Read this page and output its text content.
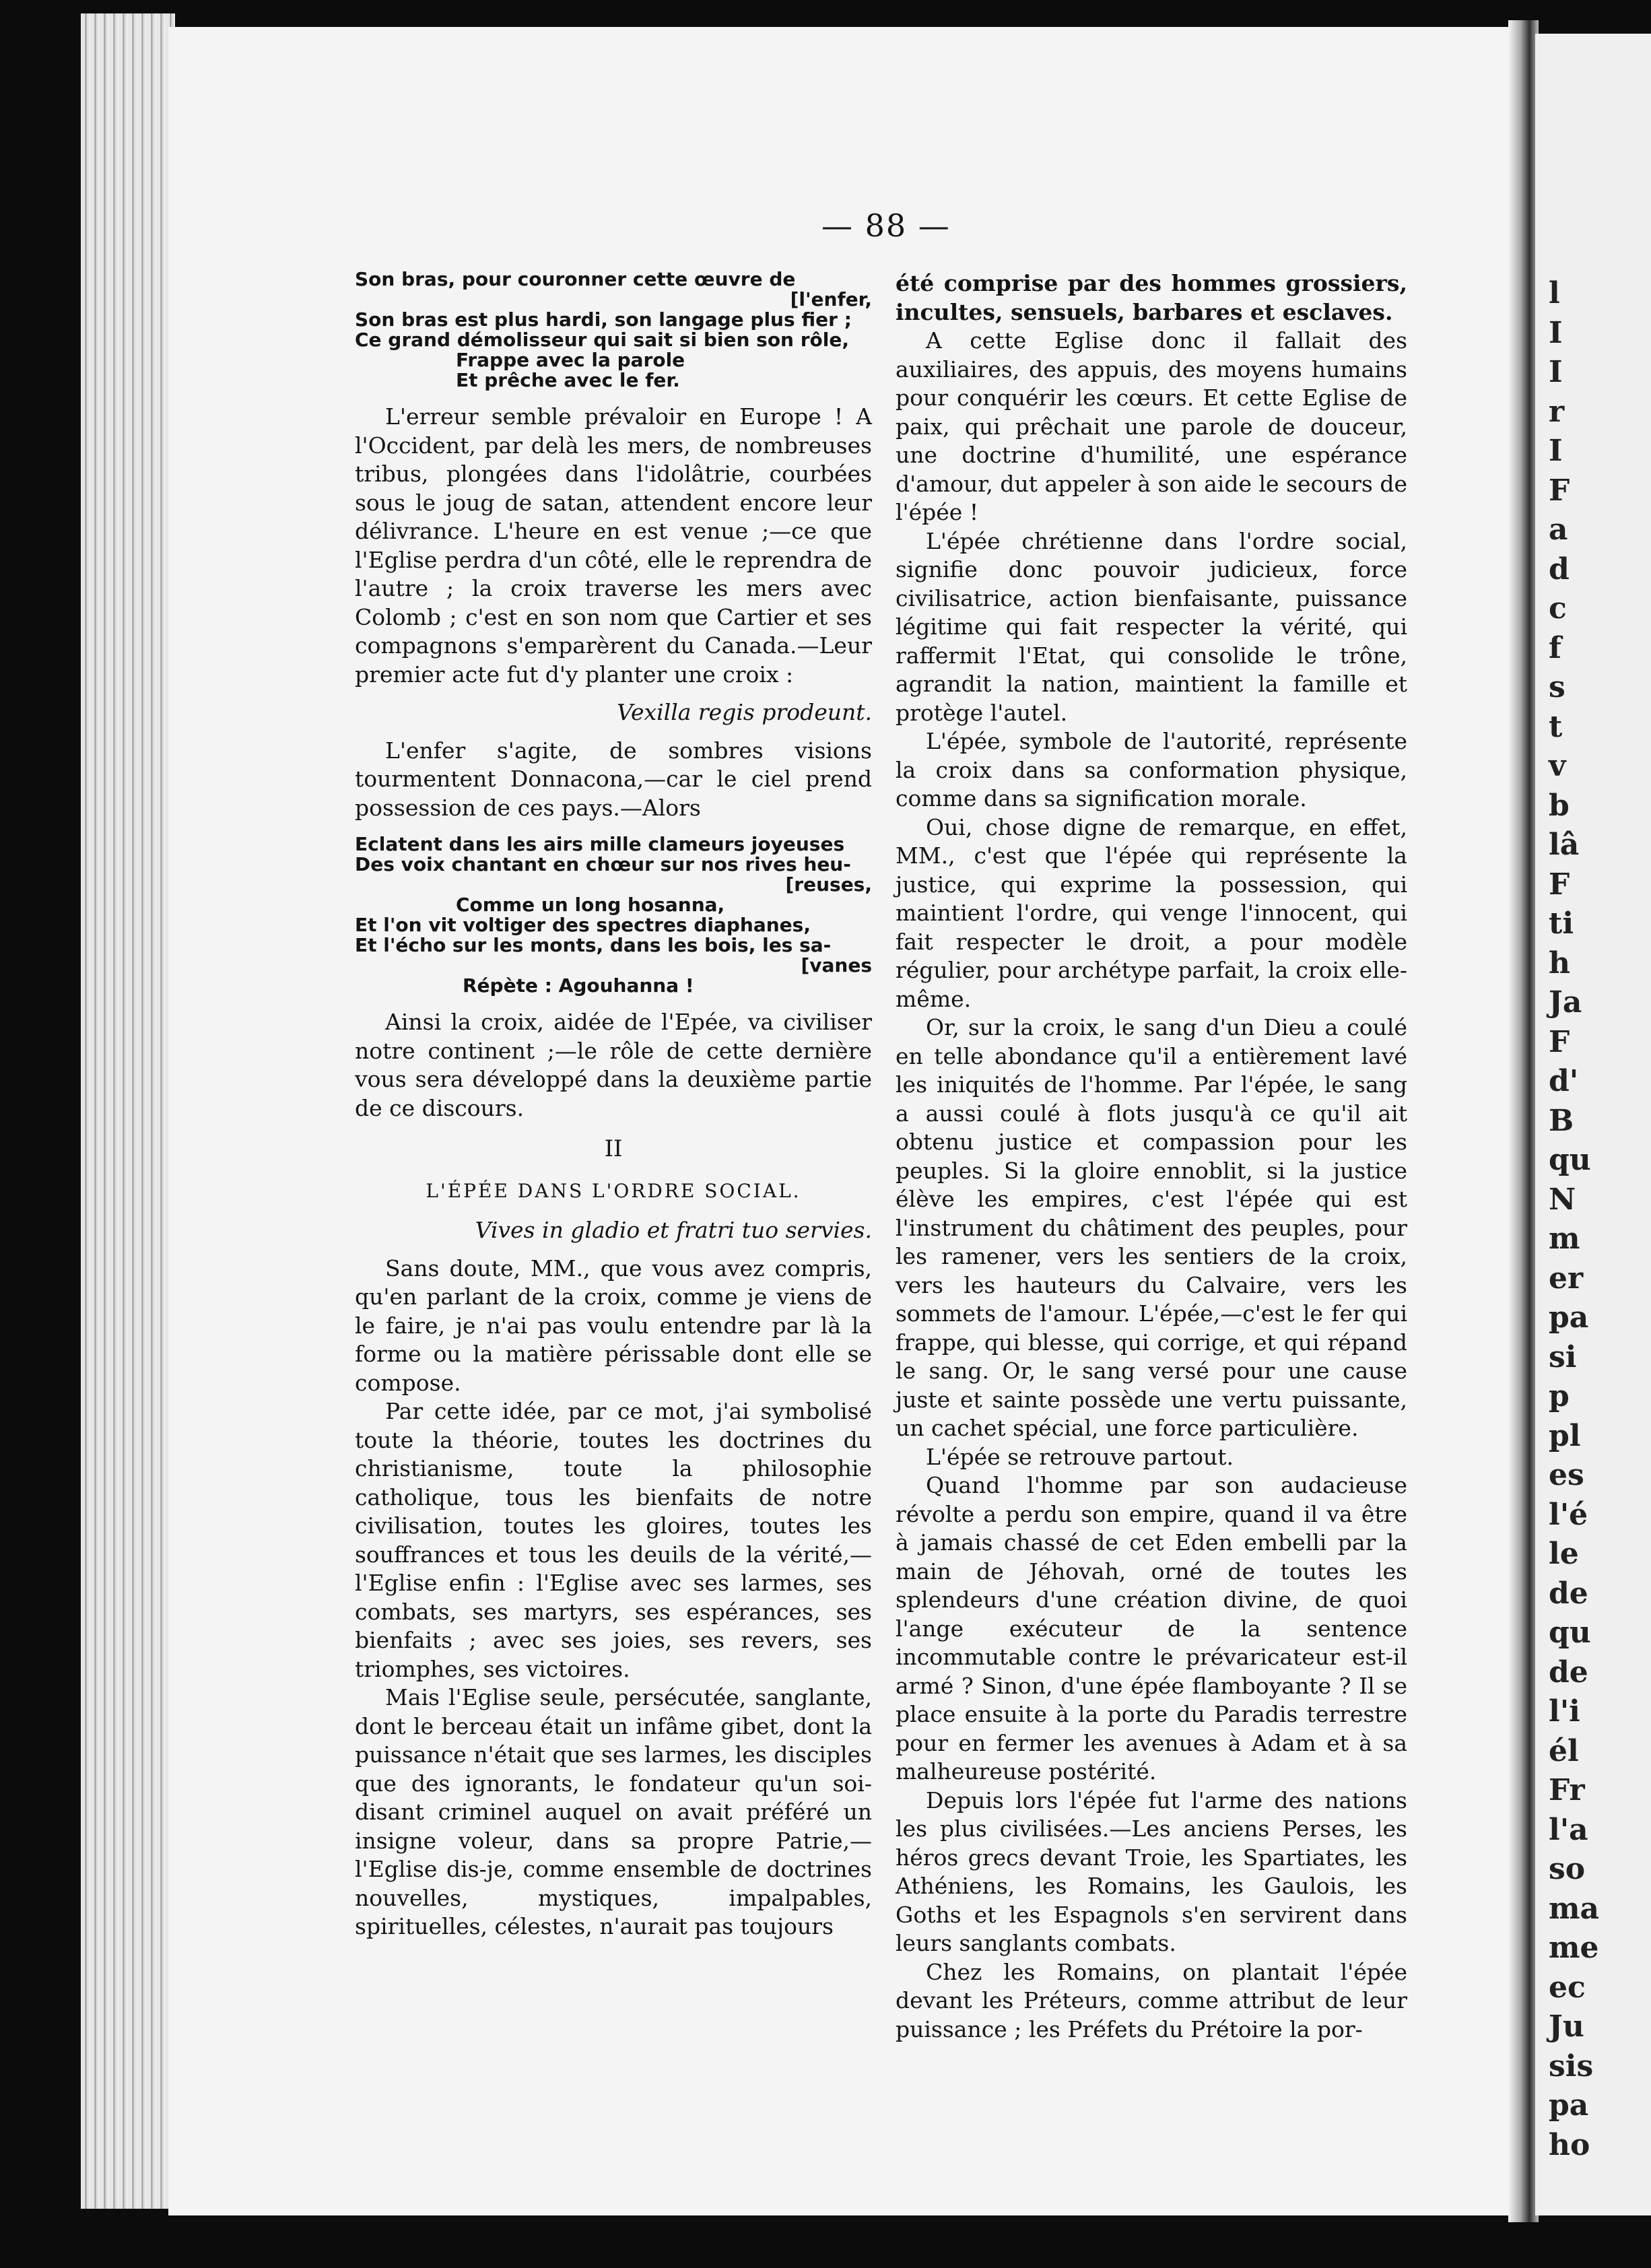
l
I
I
r
I
F
a
d
c
f
s
t
v
b
lâ
F
ti
h
Ja
F
d'
B
qu
N
m
er
pa
si
p
pl
es
l'é
le
de
qu
de
l'i
él
Fr
l'a
so
ma
me
ec
Ju
sis
pa
ho
— 88 —
Son bras, pour couronner cette œuvre de
[l'enfer,
Son bras est plus hardi, son langage plus fier ;
Ce grand démolisseur qui sait si bien son rôle,
Frappe avec la parole
Et prêche avec le fer.

L'erreur semble prévaloir en Europe ! A l'Occident, par delà les mers, de nombreuses tribus, plongées dans l'idolâtrie, courbées sous le joug de satan, attendent encore leur délivrance. L'heure en est venue ;—ce que l'Eglise perdra d'un côté, elle le reprendra de l'autre ; la croix traverse les mers avec Colomb ; c'est en son nom que Cartier et ses compagnons s'emparèrent du Canada.—Leur premier acte fut d'y planter une croix :

Vexilla regis prodeunt.

L'enfer s'agite, de sombres visions tourmentent Donnacona,—car le ciel prend possession de ces pays.—Alors

Eclatent dans les airs mille clameurs joyeuses
Des voix chantant en chœur sur nos rives heu-
[reuses,
Comme un long hosanna,
Et l'on vit voltiger des spectres diaphanes,
Et l'écho sur les monts, dans les bois, les sa-
[vanes
Répète : Agouhanna !

Ainsi la croix, aidée de l'Epée, va civiliser notre continent ;—le rôle de cette dernière vous sera développé dans la deuxième partie de ce discours.

II
L'ÉPÉE DANS L'ORDRE SOCIAL.

Vives in gladio et fratri tuo servies.

Sans doute, MM., que vous avez compris, qu'en parlant de la croix, comme je viens de le faire, je n'ai pas voulu entendre par là la forme ou la matière périssable dont elle se compose.

Par cette idée, par ce mot, j'ai symbolisé toute la théorie, toutes les doctrines du christianisme, toute la philosophie catholique, tous les bienfaits de notre civilisation, toutes les gloires, toutes les souffrances et tous les deuils de la vérité,—l'Eglise enfin : l'Eglise avec ses larmes, ses combats, ses martyrs, ses espérances, ses bienfaits ; avec ses joies, ses revers, ses triomphes, ses victoires.

Mais l'Eglise seule, persécutée, sanglante, dont le berceau était un infâme gibet, dont la puissance n'était que ses larmes, les disciples que des ignorants, le fondateur qu'un soi-disant criminel auquel on avait préféré un insigne voleur, dans sa propre Patrie,—l'Eglise dis-je, comme ensemble de doctrines nouvelles, mystiques, impalpables, spirituelles, célestes, n'aurait pas toujours

été comprise par des hommes grossiers, incultes, sensuels, barbares et esclaves.

A cette Eglise donc il fallait des auxiliaires, des appuis, des moyens humains pour conquérir les cœurs. Et cette Eglise de paix, qui prêchait une parole de douceur, une doctrine d'humilité, une espérance d'amour, dut appeler à son aide le secours de l'épée !

L'épée chrétienne dans l'ordre social, signifie donc pouvoir judicieux, force civilisatrice, action bienfaisante, puissance légitime qui fait respecter la vérité, qui raffermit l'Etat, qui consolide le trône, agrandit la nation, maintient la famille et protège l'autel.

L'épée, symbole de l'autorité, représente la croix dans sa conformation physique, comme dans sa signification morale.

Oui, chose digne de remarque, en effet, MM., c'est que l'épée qui représente la justice, qui exprime la possession, qui maintient l'ordre, qui venge l'innocent, qui fait respecter le droit, a pour modèle régulier, pour archétype parfait, la croix elle-même.

Or, sur la croix, le sang d'un Dieu a coulé en telle abondance qu'il a entièrement lavé les iniquités de l'homme. Par l'épée, le sang a aussi coulé à flots jusqu'à ce qu'il ait obtenu justice et compassion pour les peuples. Si la gloire ennoblit, si la justice élève les empires, c'est l'épée qui est l'instrument du châtiment des peuples, pour les ramener, vers les sentiers de la croix, vers les hauteurs du Calvaire, vers les sommets de l'amour. L'épée,—c'est le fer qui frappe, qui blesse, qui corrige, et qui répand le sang. Or, le sang versé pour une cause juste et sainte possède une vertu puissante, un cachet spécial, une force particulière.

L'épée se retrouve partout.

Quand l'homme par son audacieuse révolte a perdu son empire, quand il va être à jamais chassé de cet Eden embelli par la main de Jéhovah, orné de toutes les splendeurs d'une création divine, de quoi l'ange exécuteur de la sentence incommutable contre le prévaricateur est-il armé ? Sinon, d'une épée flamboyante ? Il se place ensuite à la porte du Paradis terrestre pour en fermer les avenues à Adam et à sa malheureuse postérité.

Depuis lors l'épée fut l'arme des nations les plus civilisées.—Les anciens Perses, les héros grecs devant Troie, les Spartiates, les Athéniens, les Romains, les Gaulois, les Goths et les Espagnols s'en servirent dans leurs sanglants combats.

Chez les Romains, on plantait l'épée devant les Préteurs, comme attribut de leur puissance ; les Préfets du Prétoire la por-
